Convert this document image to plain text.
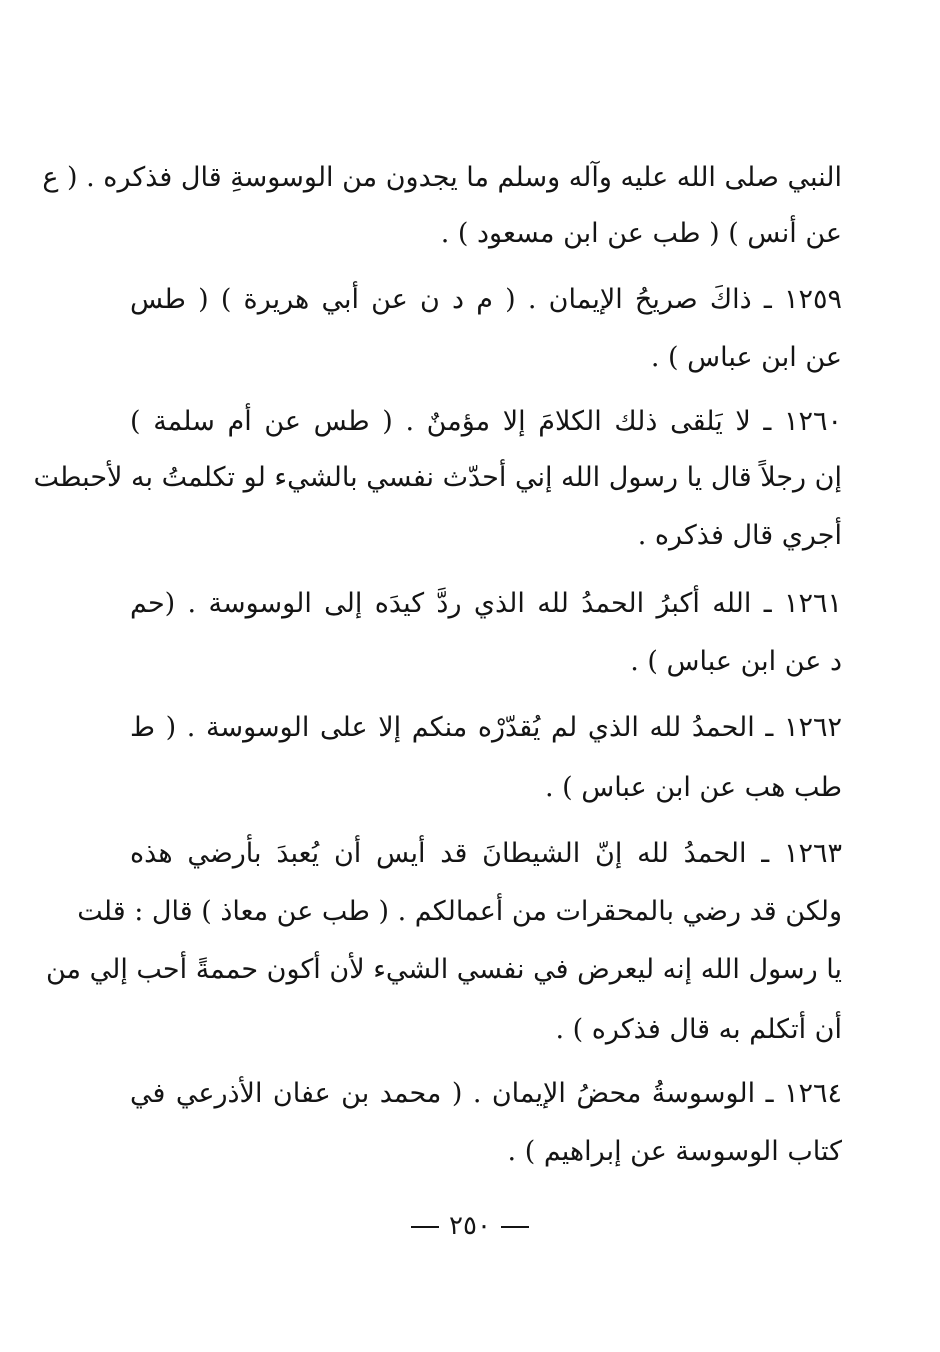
النبي صلى الله عليه وآله وسلم ما يجدون من الوسوسةِ قال فذكره . ( ع
عن أنس ) ( طب عن ابن مسعود ) .
١٢٥٩ ـ ذاكَ صريحُ الإيمان . ( م د ن عن أبي هريرة ) ( طس
عن ابن عباس ) .
١٢٦٠ ـ لا يَلقى ذلك الكلامَ إلا مؤمنٌ . ( طس عن أم سلمة )
إن رجلاً قال يا رسول الله إني أحدّث نفسي بالشيء لو تكلمتُ به لأحبطت
أجري قال فذكره .
١٢٦١ ـ الله أكبرُ الحمدُ لله الذي ردَّ كيدَه إلى الوسوسة . (حم
د عن ابن عباس ) .
١٢٦٢ ـ الحمدُ لله الذي لم يُقدّرْه منكم إلا على الوسوسة . ( ط
طب هب عن ابن عباس ) .
١٢٦٣ ـ الحمدُ لله إنّ الشيطانَ قد أيس أن يُعبدَ بأرضي هذه
ولكن قد رضي بالمحقرات من أعمالكم . ( طب عن معاذ ) قال : قلت
يا رسول الله إنه ليعرض في نفسي الشيء لأن أكون حممةً أحب إلي من
أن أتكلم به قال فذكره ) .
١٢٦٤ ـ الوسوسةُ محضُ الإيمان . ( محمد بن عفان الأذرعي في
كتاب الوسوسة عن إبراهيم ) .
٢٥٠
